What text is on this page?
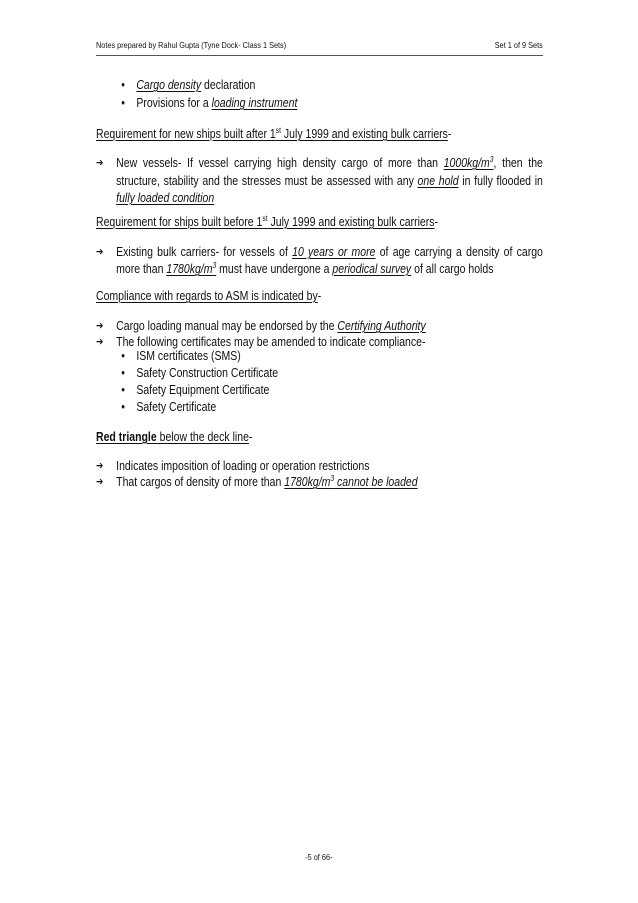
Notes prepared by Rahul Gupta (Tyne Dock- Class 1 Sets)	Set 1 of 9 Sets
•
Cargo density declaration
•
Provisions for a loading instrument
Requirement for new ships built after 1st July 1999 and existing bulk carriers-
➔
New vessels- If vessel carrying high density cargo of more than $1000kg/m^3$, then the
structure, stability and the stresses must be assessed with any one hold in fully flooded in
fully loaded condition
Requirement for ships built before 1st July 1999 and existing bulk carriers-
➔
Existing bulk carriers- for vessels of 10 years or more of age carrying a density of cargo
more than $1780kg/m^3$ must have undergone a periodical survey of all cargo holds
Compliance with regards to ASM is indicated by-
➔
Cargo loading manual may be endorsed by the Certifying Authority
➔
The following certificates may be amended to indicate compliance-
•
ISM certificates (SMS)
•
Safety Construction Certificate
•
Safety Equipment Certificate
•
Safety Certificate
Red triangle below the deck line-
➔
Indicates imposition of loading or operation restrictions
➔
That cargos of density of more than $1780kg/m^3$ cannot be loaded
-5 of 66-
